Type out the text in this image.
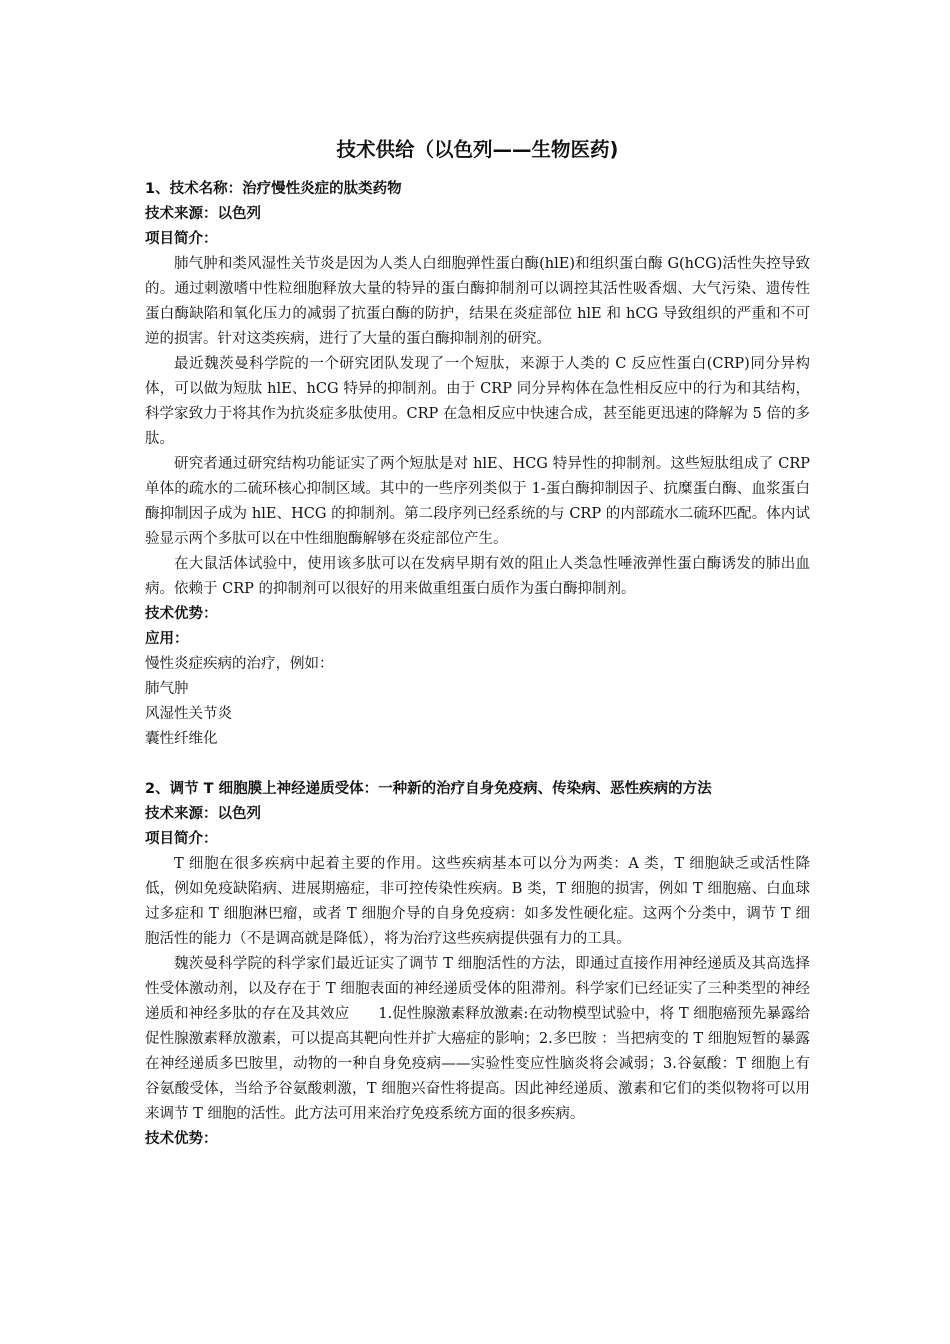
技术供给（以色列——生物医药)
1、技术名称：治疗慢性炎症的肽类药物
技术来源：以色列
项目简介：
肺气肿和类风湿性关节炎是因为人类人白细胞弹性蛋白酶(hlE)和组织蛋白酶 G(hCG)活性失控导致的。通过刺激嗜中性粒细胞释放大量的特异的蛋白酶抑制剂可以调控其活性吸香烟、大气污染、遗传性蛋白酶缺陷和氧化压力的减弱了抗蛋白酶的防护，结果在炎症部位 hlE 和 hCG 导致组织的严重和不可逆的损害。针对这类疾病，进行了大量的蛋白酶抑制剂的研究。
最近魏茨曼科学院的一个研究团队发现了一个短肽，来源于人类的 C 反应性蛋白(CRP)同分异构体，可以做为短肽 hlE、hCG 特异的抑制剂。由于 CRP 同分异构体在急性相反应中的行为和其结构，科学家致力于将其作为抗炎症多肽使用。CRP 在急相反应中快速合成，甚至能更迅速的降解为 5 倍的多肽。
研究者通过研究结构功能证实了两个短肽是对 hlE、HCG 特异性的抑制剂。这些短肽组成了 CRP 单体的疏水的二硫环核心抑制区域。其中的一些序列类似于 1-蛋白酶抑制因子、抗糜蛋白酶、血浆蛋白酶抑制因子成为 hlE、HCG 的抑制剂。第二段序列已经系统的与 CRP 的内部疏水二硫环匹配。体内试验显示两个多肽可以在中性细胞酶解够在炎症部位产生。
在大鼠活体试验中，使用该多肽可以在发病早期有效的阻止人类急性唾液弹性蛋白酶诱发的肺出血病。依赖于 CRP 的抑制剂可以很好的用来做重组蛋白质作为蛋白酶抑制剂。
技术优势：
应用：
慢性炎症疾病的治疗，例如：
肺气肿
风湿性关节炎
囊性纤维化
2、调节 T 细胞膜上神经递质受体：一种新的治疗自身免疫病、传染病、恶性疾病的方法
技术来源：以色列
项目简介：
T 细胞在很多疾病中起着主要的作用。这些疾病基本可以分为两类：A 类，T 细胞缺乏或活性降低，例如免疫缺陷病、进展期癌症，非可控传染性疾病。B 类，T 细胞的损害，例如 T 细胞癌、白血球过多症和 T 细胞淋巴瘤，或者 T 细胞介导的自身免疫病：如多发性硬化症。这两个分类中，调节 T 细胞活性的能力（不是调高就是降低），将为治疗这些疾病提供强有力的工具。
魏茨曼科学院的科学家们最近证实了调节 T 细胞活性的方法，即通过直接作用神经递质及其高选择性受体激动剂，以及存在于 T 细胞表面的神经递质受体的阻滞剂。科学家们已经证实了三种类型的神经递质和神经多肽的存在及其效应　　1.促性腺激素释放激素:在动物模型试验中，将 T 细胞癌预先暴露给促性腺激素释放激素，可以提高其靶向性并扩大癌症的影响；2.多巴胺 ：当把病变的 T 细胞短暂的暴露在神经递质多巴胺里，动物的一种自身免疫病——实验性变应性脑炎将会减弱；3.谷氨酸：T 细胞上有谷氨酸受体，当给予谷氨酸刺激，T 细胞兴奋性将提高。因此神经递质、激素和它们的类似物将可以用来调节 T 细胞的活性。此方法可用来治疗免疫系统方面的很多疾病。
技术优势：
